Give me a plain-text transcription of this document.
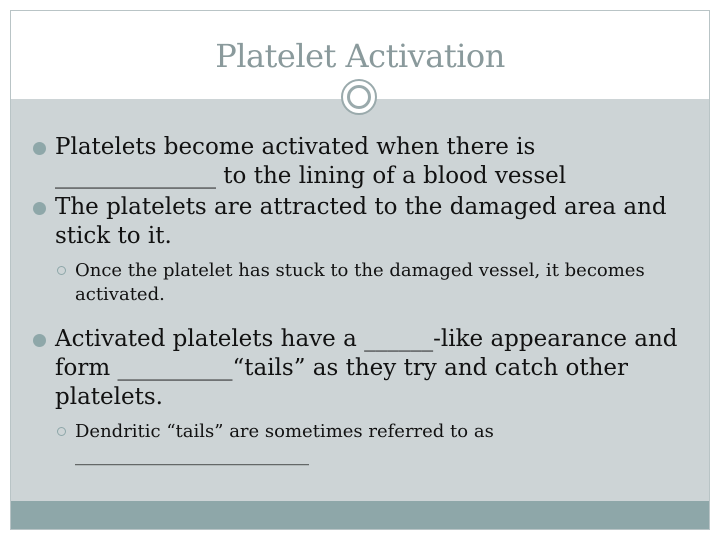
Platelet Activation
Platelets become activated when there is ______________ to the lining of a blood vessel
The platelets are attracted to the damaged area and stick to it.
Once the platelet has stuck to the damaged vessel, it becomes activated.
Activated platelets have a ______-like appearance and form __________“tails” as they try and catch other platelets.
Dendritic “tails” are sometimes referred to as __________________________
